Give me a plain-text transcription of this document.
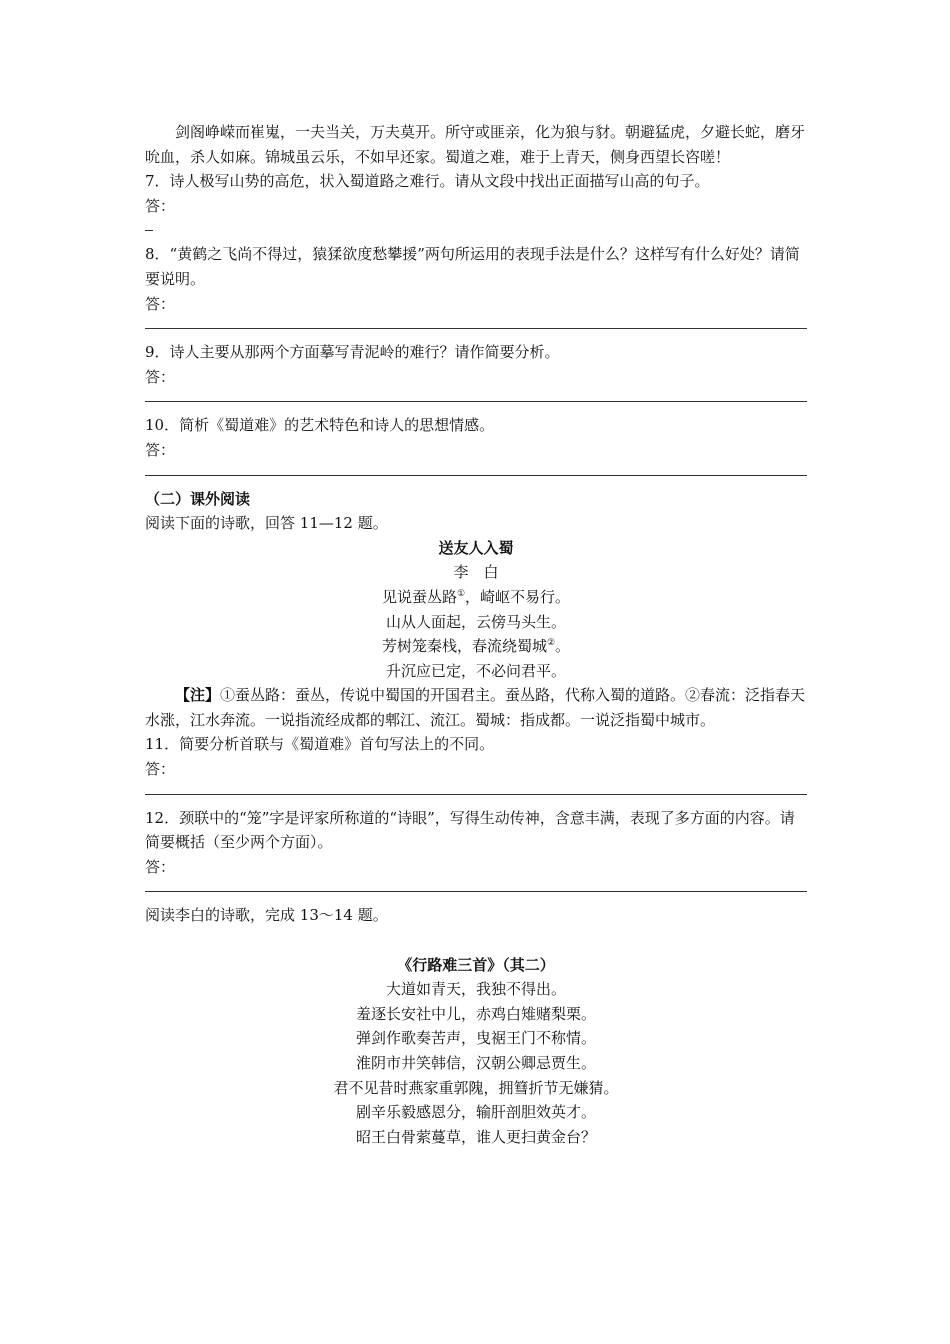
剑阁峥嵘而崔嵬，一夫当关，万夫莫开。所守或匪亲，化为狼与豺。朝避猛虎，夕避长蛇，磨牙吮血，杀人如麻。锦城虽云乐，不如早还家。蜀道之难，难于上青天，侧身西望长咨嗟！

7．诗人极写山势的高危，状入蜀道路之难行。请从文段中找出正面描写山高的句子。

答：

8．“黄鹤之飞尚不得过，猿猱欲度愁攀援”两句所运用的表现手法是什么？这样写有什么好处？请简要说明。

答：

9．诗人主要从那两个方面摹写青泥岭的难行？请作简要分析。

答：

10．简析《蜀道难》的艺术特色和诗人的思想情感。

答：

（二）课外阅读

阅读下面的诗歌，回答 11—12 题。

送友人入蜀

李　白

见说蚕丛路①，崎岖不易行。

山从人面起，云傍马头生。

芳树笼秦栈，春流绕蜀城②。

升沉应已定，不必问君平。

【注】①蚕丛路：蚕丛，传说中蜀国的开国君主。蚕丛路，代称入蜀的道路。②春流：泛指春天水涨，江水奔流。一说指流经成都的郫江、流江。蜀城：指成都。一说泛指蜀中城市。

11．简要分析首联与《蜀道难》首句写法上的不同。

答：

12．颈联中的“笼”字是评家所称道的“诗眼”，写得生动传神，含意丰满，表现了多方面的内容。请简要概括（至少两个方面）。

答：

阅读李白的诗歌，完成 13～14 题。

《行路难三首》（其二）

大道如青天，我独不得出。

羞逐长安社中儿，赤鸡白雉赌梨栗。

弹剑作歌奏苦声，曳裾王门不称情。

淮阴市井笑韩信，汉朝公卿忌贾生。

君不见昔时燕家重郭隗，拥篲折节无嫌猜。

剧辛乐毅感恩分，输肝剖胆效英才。

昭王白骨萦蔓草，谁人更扫黄金台？
